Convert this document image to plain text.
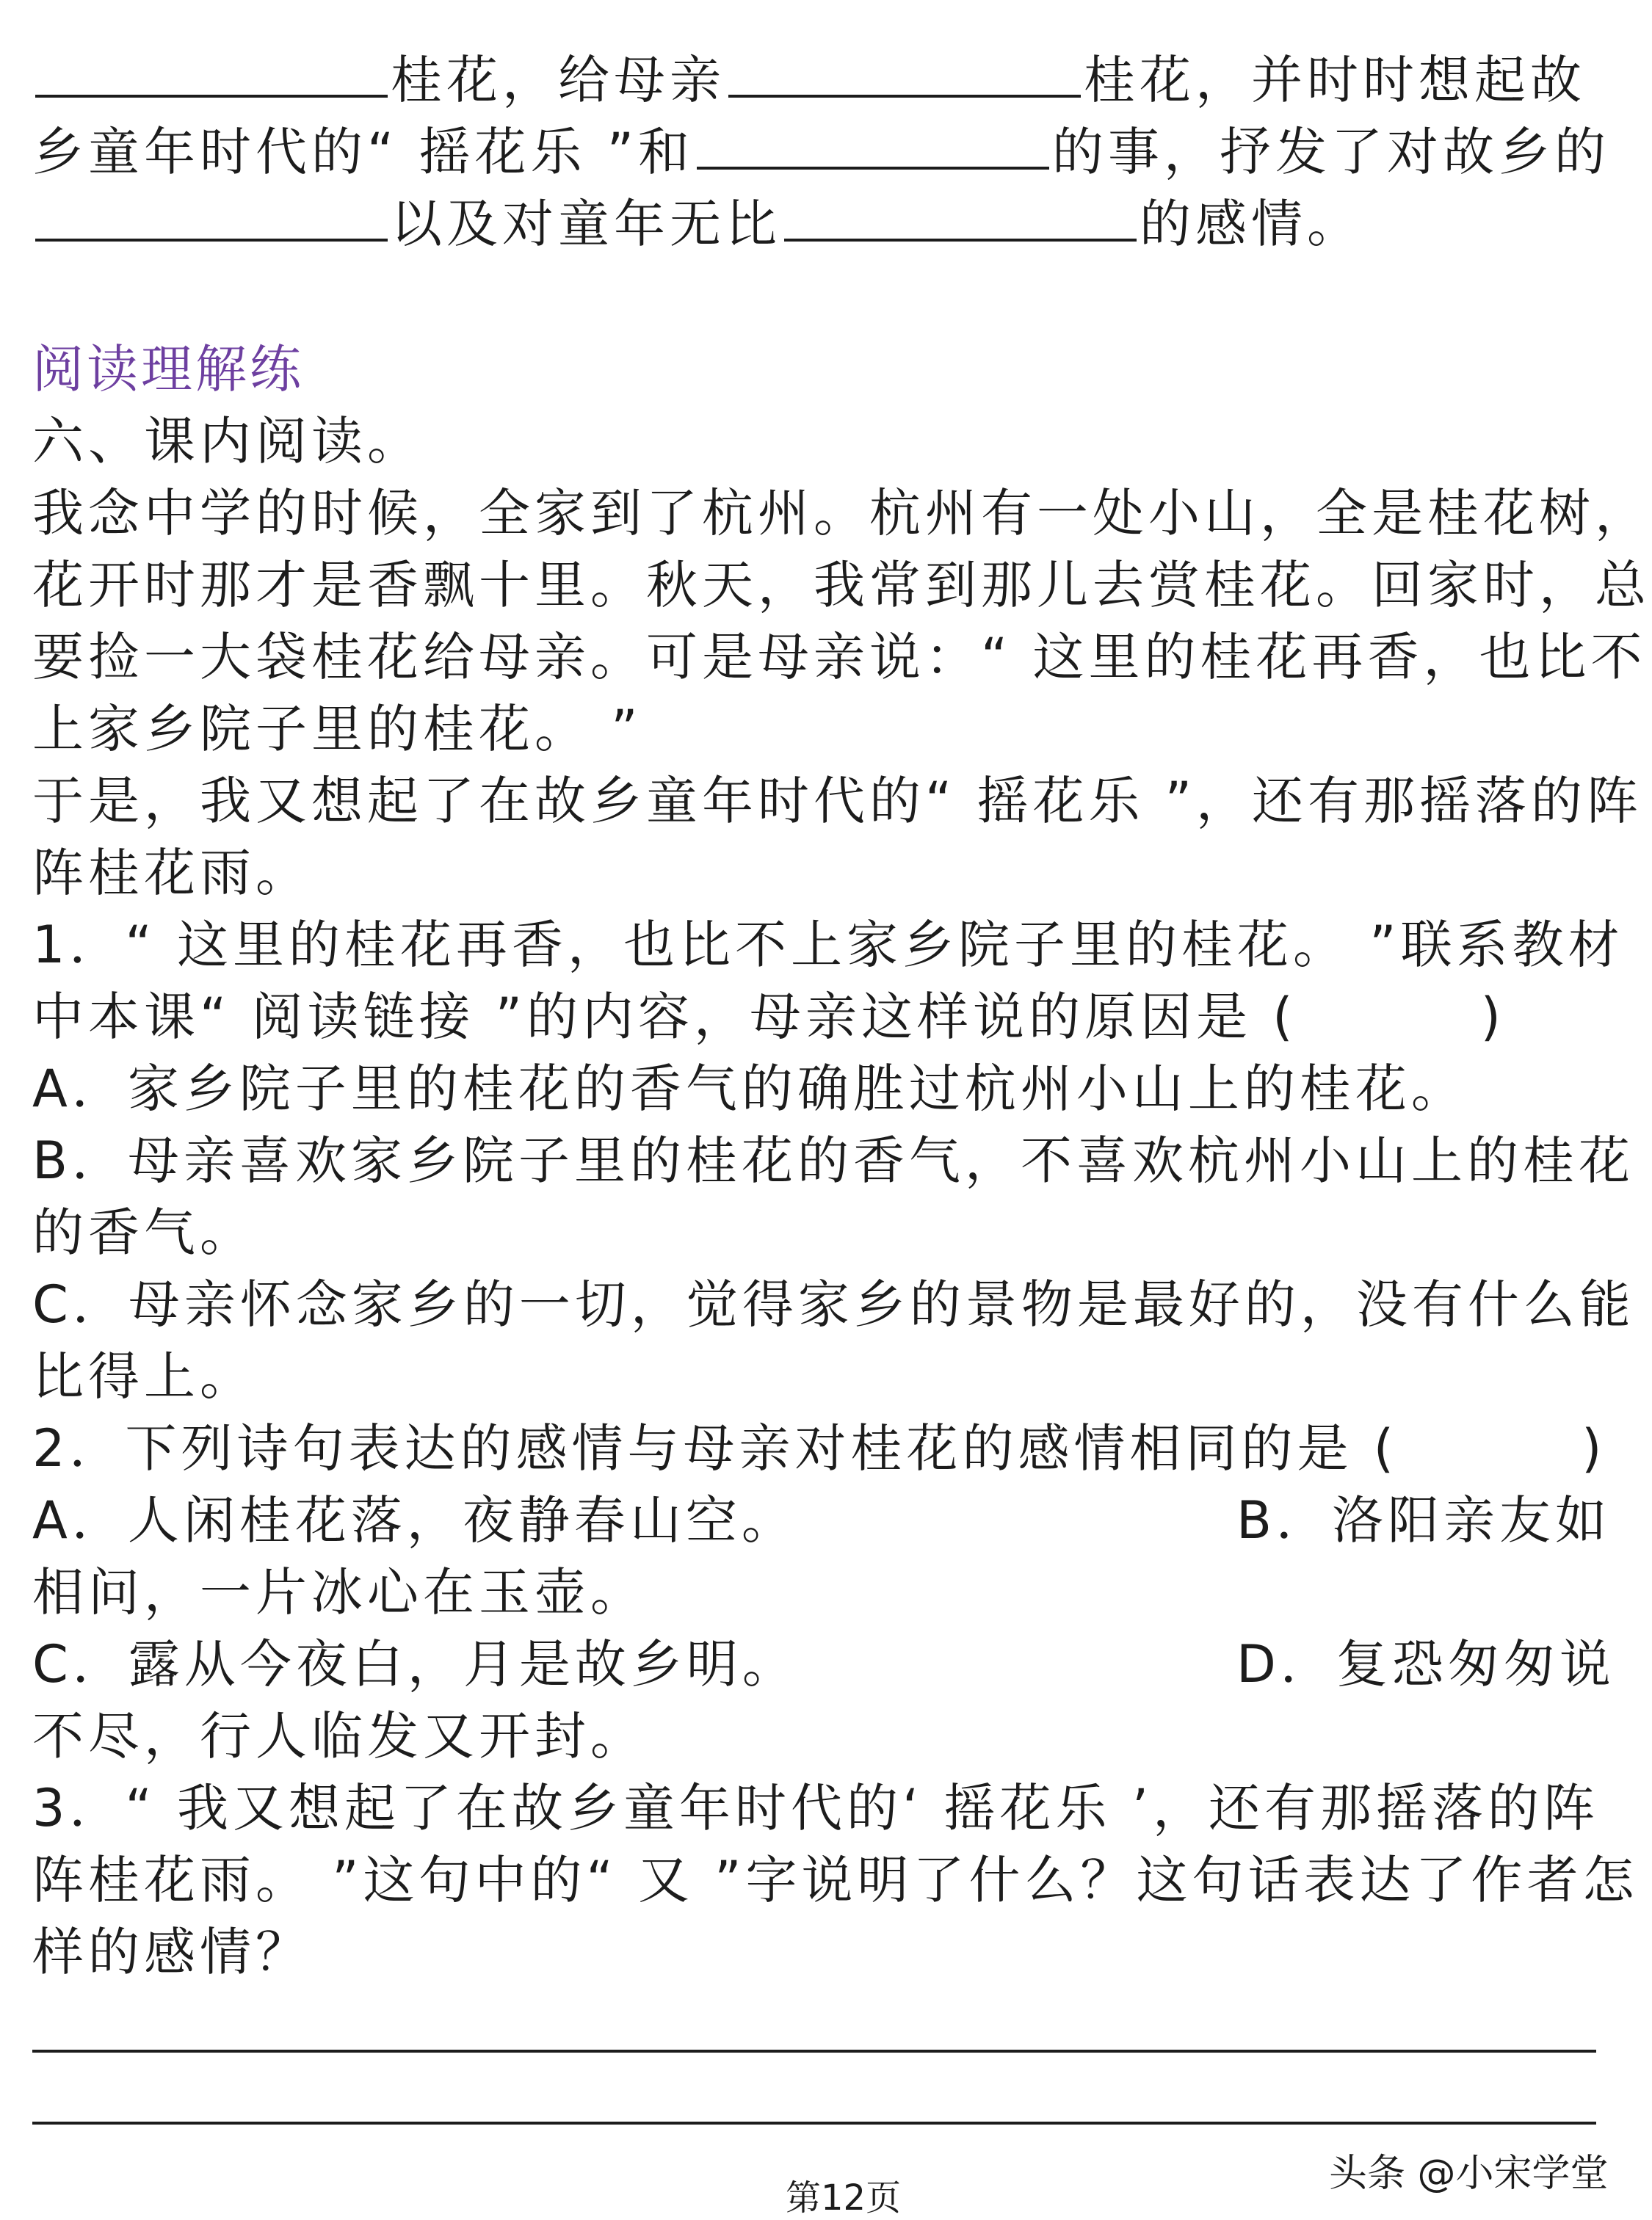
桂花，给母亲	桂花，并时时想起故
乡童年时代的“ 摇花乐 ”和	的事，抒发了对故乡的
以及对童年无比	的感情。
阅读理解练
六、课内阅读。
我念中学的时候，全家到了杭州。杭州有一处小山，全是桂花树，
花开时那才是香飘十里。秋天，我常到那儿去赏桂花。回家时，总
要捡一大袋桂花给母亲。可是母亲说：“ 这里的桂花再香，也比不
上家乡院子里的桂花。 ”
于是，我又想起了在故乡童年时代的“ 摇花乐 ”，还有那摇落的阵
阵桂花雨。
1．“ 这里的桂花再香，也比不上家乡院子里的桂花。 ”联系教材
中本课“ 阅读链接 ”的内容，母亲这样说的原因是 (	)
A．家乡院子里的桂花的香气的确胜过杭州小山上的桂花。
B．母亲喜欢家乡院子里的桂花的香气，不喜欢杭州小山上的桂花
的香气。
C．母亲怀念家乡的一切，觉得家乡的景物是最好的，没有什么能
比得上。
2．下列诗句表达的感情与母亲对桂花的感情相同的是 (	)
A．人闲桂花落，夜静春山空。	B．洛阳亲友如
相问，一片冰心在玉壶。
C．露从今夜白，月是故乡明。	D．复恐匆匆说
不尽，行人临发又开封。
3．“ 我又想起了在故乡童年时代的‘ 摇花乐 ’，还有那摇落的阵
阵桂花雨。 ”这句中的“ 又 ”字说明了什么？这句话表达了作者怎
样的感情？
头条 @小宋学堂
第12页
